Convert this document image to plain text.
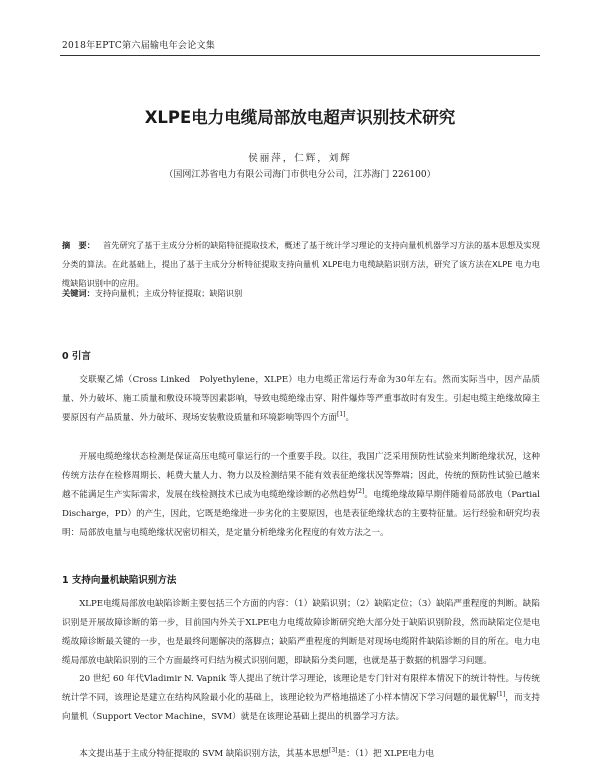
2018年EPTC第六届输电年会论文集
XLPE电力电缆局部放电超声识别技术研究
侯丽萍，仁辉，刘辉
（国网江苏省电力有限公司海门市供电分公司，江苏海门 226100）
摘　要： 首先研究了基于主成分分析的缺陷特征提取技术，概述了基于统计学习理论的支持向量机机器学习方法的基本思想及实现分类的算法。在此基础上，提出了基于主成分分析特征提取支持向量机 XLPE电力电缆缺陷识别方法，研究了该方法在XLPE 电力电缆缺陷识别中的应用。
关键词：支持向量机；主成分特征提取；缺陷识别
0 引言
交联聚乙烯（Cross Linked　Polyethylene，XLPE）电力电缆正常运行寿命为30年左右。然而实际当中，因产品质量、外力破坏、施工质量和敷设环境等因素影响，导致电缆绝缘击穿、附件爆炸等严重事故时有发生。引起电缆主绝缘故障主要原因有产品质量、外力破坏、现场安装敷设质量和环境影响等四个方面[1]。
开展电缆绝缘状态检测是保证高压电缆可靠运行的一个重要手段。以往，我国广泛采用预防性试验来判断绝缘状况，这种传统方法存在检修周期长、耗费大量人力、物力以及检测结果不能有效表征绝缘状况等弊端；因此，传统的预防性试验已越来越不能满足生产实际需求，发展在线检测技术已成为电缆绝缘诊断的必然趋势[2]。电缆绝缘故障早期伴随着局部放电（Partial Discharge，PD）的产生，因此，它既是绝缘进一步劣化的主要原因，也是表征绝缘状态的主要特征量。运行经验和研究均表明：局部放电量与电缆绝缘状况密切相关，是定量分析绝缘劣化程度的有效方法之一。
1 支持向量机缺陷识别方法
XLPE电缆局部放电缺陷诊断主要包括三个方面的内容：（1）缺陷识别；（2）缺陷定位；（3）缺陷严重程度的判断。缺陷识别是开展故障诊断的第一步，目前国内外关于XLPE电力电缆故障诊断研究绝大部分处于缺陷识别阶段，然而缺陷定位是电缆故障诊断最关键的一步，也是最终问题解决的落脚点；缺陷严重程度的判断是对现场电缆附件缺陷诊断的目的所在。电力电缆局部放电缺陷识别的三个方面最终可归结为模式识别问题，即缺陷分类问题，也就是基于数据的机器学习问题。
20 世纪 60 年代Vladimir N. Vapnik 等人提出了统计学习理论，该理论是专门针对有限样本情况下的统计特性。与传统统计学不同，该理论是建立在结构风险最小化的基础上，该理论较为严格地描述了小样本情况下学习问题的最优解[1]，而支持向量机（Support Vector Machine，SVM）就是在该理论基础上提出的机器学习方法。
本文提出基于主成分特征提取的 SVM 缺陷识别方法，其基本思想[3]是：（1）把 XLPE电力电
